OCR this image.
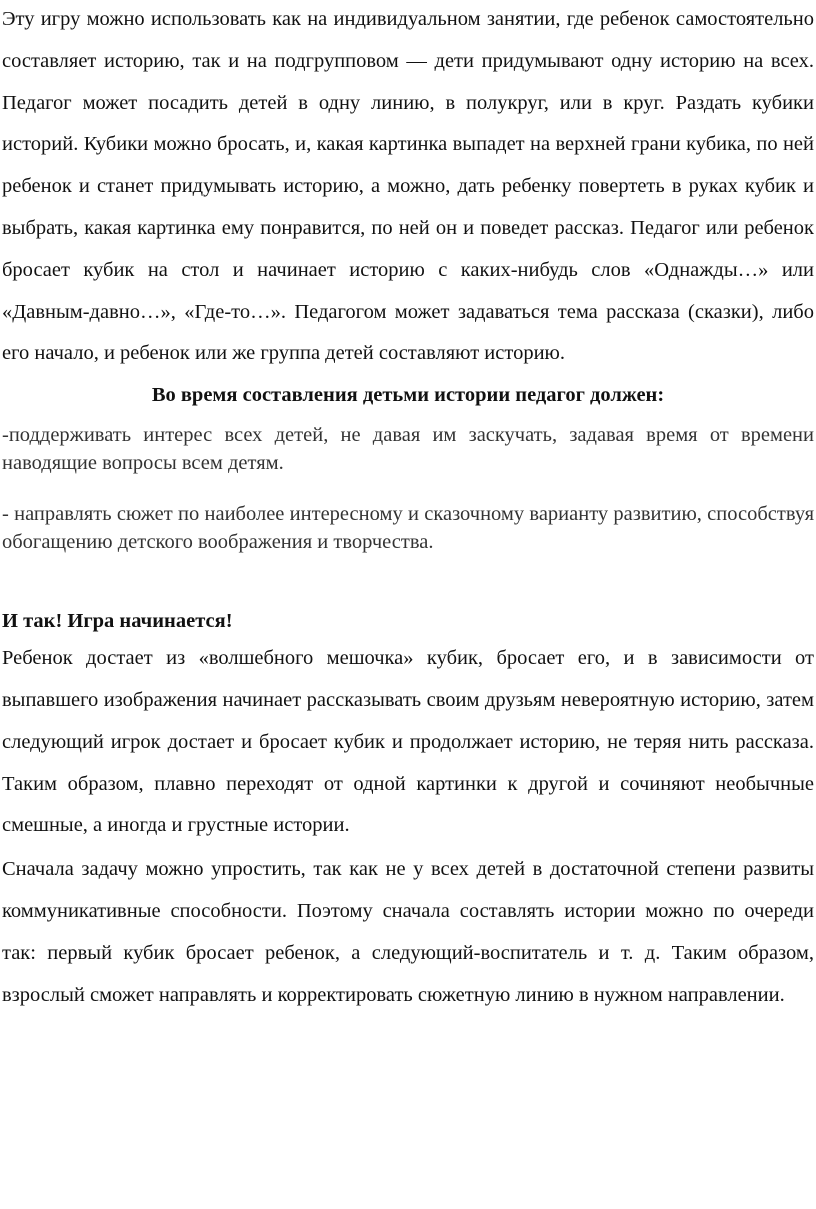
Эту игру можно использовать как на индивидуальном занятии, где ребенок самостоятельно составляет историю, так и на подгрупповом — дети придумывают одну историю на всех. Педагог может посадить детей в одну линию, в полукруг, или в круг. Раздать кубики историй. Кубики можно бросать, и, какая картинка выпадет на верхней грани кубика, по ней ребенок и станет придумывать историю, а можно, дать ребенку повертеть в руках кубик и выбрать, какая картинка ему понравится, по ней он и поведет рассказ. Педагог или ребенок бросает кубик на стол и начинает историю с каких-нибудь слов «Однажды…» или «Давным-давно…», «Где-то…». Педагогом может задаваться тема рассказа (сказки), либо его начало, и ребенок или же группа детей составляют историю.

Во время составления детьми истории педагог должен:

-поддерживать интерес всех детей, не давая им заскучать, задавая время от времени наводящие вопросы всем детям.

- направлять сюжет по наиболее интересному и сказочному варианту развитию, способствуя обогащению детского воображения и творчества.

И так! Игра начинается!

Ребенок достает из «волшебного мешочка» кубик, бросает его, и в зависимости от выпавшего изображения начинает рассказывать своим друзьям невероятную историю, затем следующий игрок достает и бросает кубик и продолжает историю, не теряя нить рассказа. Таким образом, плавно переходят от одной картинки к другой и сочиняют необычные смешные, а иногда и грустные истории.

Сначала задачу можно упростить, так как не у всех детей в достаточной степени развиты коммуникативные способности. Поэтому сначала составлять истории можно по очереди так: первый кубик бросает ребенок, а следующий-воспитатель и т. д. Таким образом, взрослый сможет направлять и корректировать сюжетную линию в нужном направлении.
